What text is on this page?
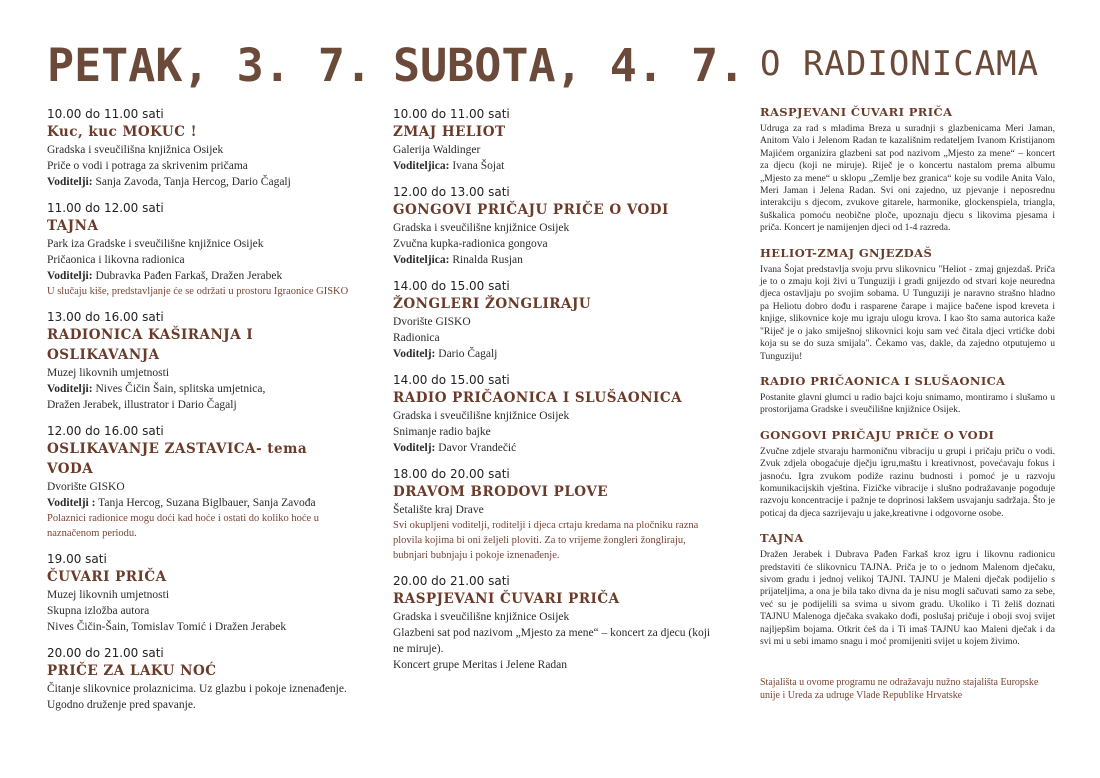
PETAK, 3. 7.
10.00 do 11.00 sati
Kuc, kuc MOKUC !
Gradska i sveučilišna knjižnica Osijek
Priče o vodi i potraga za skrivenim pričama
Voditelji: Sanja Zavoda, Tanja Hercog, Dario Čagalj
11.00 do 12.00 sati
TAJNA
Park iza Gradske i sveučilišne knjižnice Osijek
Pričaonica i likovna radionica
Voditelji: Dubravka Pađen Farkaš, Dražen Jerabek
U slučaju kiše, predstavljanje će se održati u prostoru Igraonice GISKO
13.00 do 16.00 sati
RADIONICA KAŠIRANJA I OSLIKAVANJA
Muzej likovnih umjetnosti
Voditelji: Nives Čičin Šain, splitska umjetnica,
Dražen Jerabek, illustrator i Dario Čagalj
12.00 do 16.00 sati
OSLIKAVANJE ZASTAVICA- tema VODA
Dvorište GISKO
Voditelji : Tanja Hercog, Suzana Biglbauer, Sanja Zavođa
Polaznici radionice mogu doći kad hoće i ostati do koliko hoće u naznačenom periodu.
19.00 sati
ČUVARI PRIČA
Muzej likovnih umjetnosti
Skupna izložba autora
Nives Čičin-Šain, Tomislav Tomić i Dražen Jerabek
20.00 do 21.00 sati
PRIČE ZA LAKU NOĆ
Čitanje slikovnice prolaznicima. Uz glazbu i pokoje iznenađenje.
Ugodno druženje pred spavanje.
SUBOTA, 4. 7.
10.00 do 11.00 sati
ZMAJ HELIOT
Galerija Waldinger
Voditeljica: Ivana Šojat
12.00 do 13.00 sati
GONGOVI PRIČAJU PRIČE O VODI
Gradska i sveučilišne knjižnice Osijek
Zvučna kupka-radionica gongova
Voditeljica: Rinalda Rusjan
14.00 do 15.00 sati
ŽONGLERI ŽONGLIRAJU
Dvorište GISKO
Radionica
Voditelj: Dario Čagalj
14.00 do 15.00 sati
RADIO PRIČAONICA I SLUŠAONICA
Gradska i sveučilišne knjižnice Osijek
Snimanje radio bajke
Voditelj: Davor Vrandečić
18.00 do 20.00 sati
DRAVOM BRODOVI PLOVE
Šetalište kraj Drave
Svi okupljeni voditelji, roditelji i djeca crtaju kredama na pločniku razna plovila kojima bi oni željeli ploviti. Za to vrijeme žongleri žongliraju, bubnjari bubnjaju i pokoje iznenađenje.
20.00 do 21.00 sati
RASPJEVANI ČUVARI PRIČA
Gradska i sveučilišne knjižnice Osijek
Glazbeni sat pod nazivom „Mjesto za mene“ – koncert za djecu (koji ne miruje).
Koncert grupe Meritas i Jelene Radan
O RADIONICAMA
RASPJEVANI ČUVARI PRIČA
Udruga za rad s mladima Breza u suradnji s glazbenicama Meri Jaman, Anitom Valo i Jelenom Radan te kazališnim redateljem Ivanom Kristijanom Majićem organizira glazbeni sat pod nazivom „Mjesto za mene“ – koncert za djecu (koji ne miruje). Riječ je o koncertu nastalom prema albumu „Mjesto za mene“ u sklopu „Zemlje bez granica“ koje su vodile Anita Valo, Meri Jaman i Jelena Radan. Svi oni zajedno, uz pjevanje i neposrednu interakciju s djecom, zvukove gitarele, harmonike, glockenspiela, triangla, šuškalica pomoću neobične ploče, upoznaju djecu s likovima pjesama i priča. Koncert je namijenjen djeci od 1-4 razreda.
HELIOT-ZMAJ GNJEZDAŠ
Ivana Šojat predstavlja svoju prvu slikovnicu "Heliot - zmaj gnjezdaš. Priča je to o zmaju koji živi u Tunguziji i gradi gnijezdo od stvari koje neuredna djeca ostavljaju po svojim sobama. U Tunguziji je naravno strašno hladno pa Heliotu dobro dođu i rasparene čarape i majice bačene ispod kreveta i knjige, slikovnice koje mu igraju ulogu krova. I kao što sama autorica kaže "Riječ je o jako smiješnoj slikovnici koju sam već čitala djeci vrtićke dobi koja su se do suza smijala". Čekamo vas, dakle, da zajedno otputujemo u Tunguziju!
RADIO PRIČAONICA I SLUŠAONICA
Postanite glavni glumci u radio bajci koju snimamo, montiramo i slušamo u prostorijama Gradske i sveučilišne knjižnice Osijek.
GONGOVI PRIČAJU PRIČE O VODI
Zvučne zdjele stvaraju harmoničnu vibraciju u grupi i pričaju priču o vodi. Zvuk zdjela obogaćuje dječju igru,maštu i kreativnost, povećavaju fokus i jasnoću. Igra zvukom podiže razinu budnosti i pomoć je u razvoju komunikacijskih vještina. Fizičke vibracije i slušno podražavanje pogoduje razvoju koncentracije i pažnje te doprinosi lakšem usvajanju sadržaja. Što je poticaj da djeca sazrijevaju u jake,kreativne i odgovorne osobe.
TAJNA
Dražen Jerabek i Dubrava Pađen Farkaš kroz igru i likovnu radionicu predstaviti će slikovnicu TAJNA. Priča je to o jednom Malenom dječaku, sivom gradu i jednoj velikoj TAJNI. TAJNU je Maleni dječak podijelio s prijateljima, a ona je bila tako divna da je nisu mogli sačuvati samo za sebe, već su je podijelili sa svima u sivom gradu. Ukoliko i Ti želiš doznati TAJNU Malenoga dječaka svakako dođi, poslušaj pričuje i oboji svoj svijet najljepšim bojama. Otkrit ćeš da i Ti imaš TAJNU kao Maleni dječak i da svi mi u sebi imamo snagu i moć promijeniti svijet u kojem živimo.
Stajališta u ovome programu ne odražavaju nužno stajališta Europske unije i Ureda za udruge Vlade Republike Hrvatske
